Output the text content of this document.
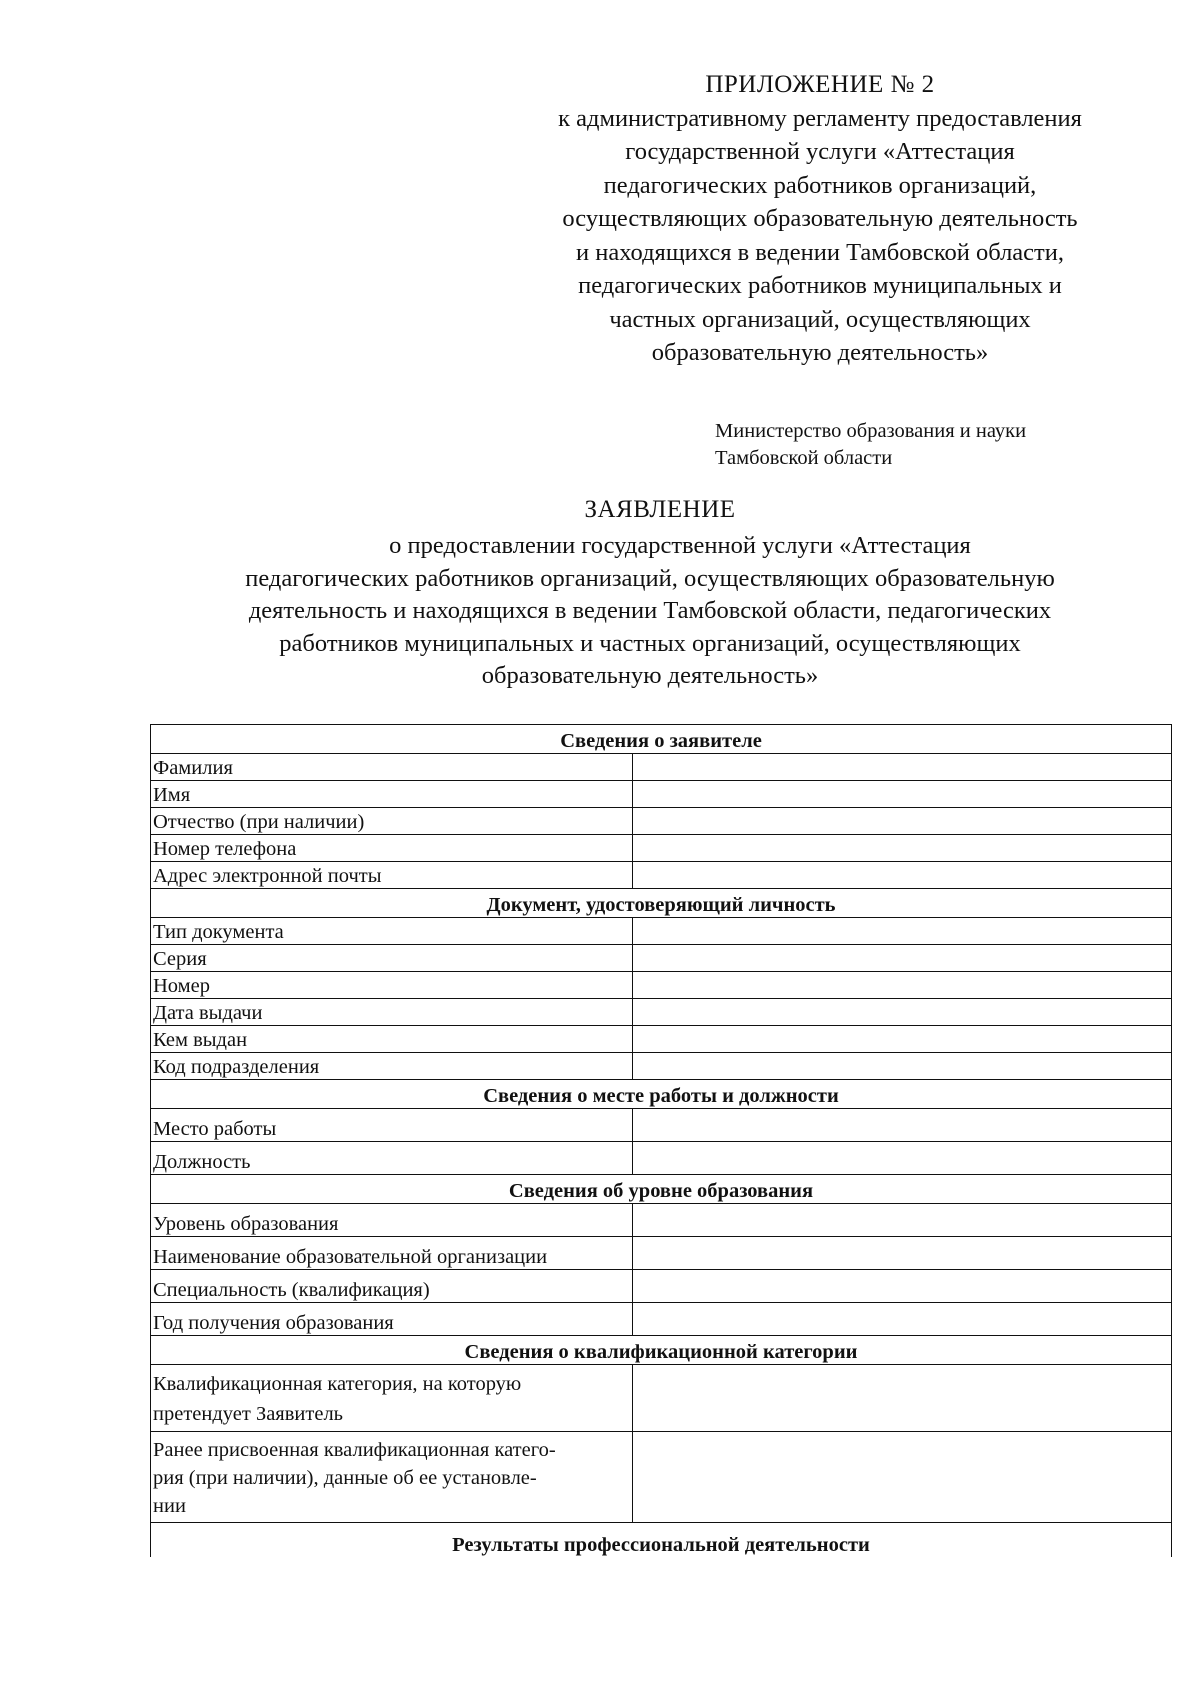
ПРИЛОЖЕНИЕ № 2
к административному регламенту предоставления
государственной услуги «Аттестация
педагогических работников организаций,
осуществляющих образовательную деятельность
и находящихся в ведении Тамбовской области,
педагогических работников муниципальных и
частных организаций, осуществляющих
образовательную деятельность»
Министерство образования и науки
Тамбовской области
ЗАЯВЛЕНИЕ
о предоставлении государственной услуги «Аттестация
педагогических работников организаций, осуществляющих образовательную
деятельность и находящихся в ведении Тамбовской области, педагогических
работников муниципальных и частных организаций, осуществляющих
образовательную деятельность»
Сведения о заявителе	
Фамилия	
Имя	
Отчество (при наличии)	
Номер телефона	
Адрес электронной почты	
Документ, удостоверяющий личность	
Тип документа	
Серия	
Номер	
Дата выдачи	
Кем выдан	
Код подразделения	
Сведения о месте работы и должности	
Место работы	
Должность	
Сведения об уровне образования	
Уровень образования	
Наименование образовательной организации	
Специальность (квалификация)	
Год получения образования	
Сведения о квалификационной категории	

Квалификационная категория, на которую
претендует Заявитель	

Ранее присвоенная квалификационная катего-
рия (при наличии), данные об ее установле-
нии	

Результаты профессиональной деятельности	
